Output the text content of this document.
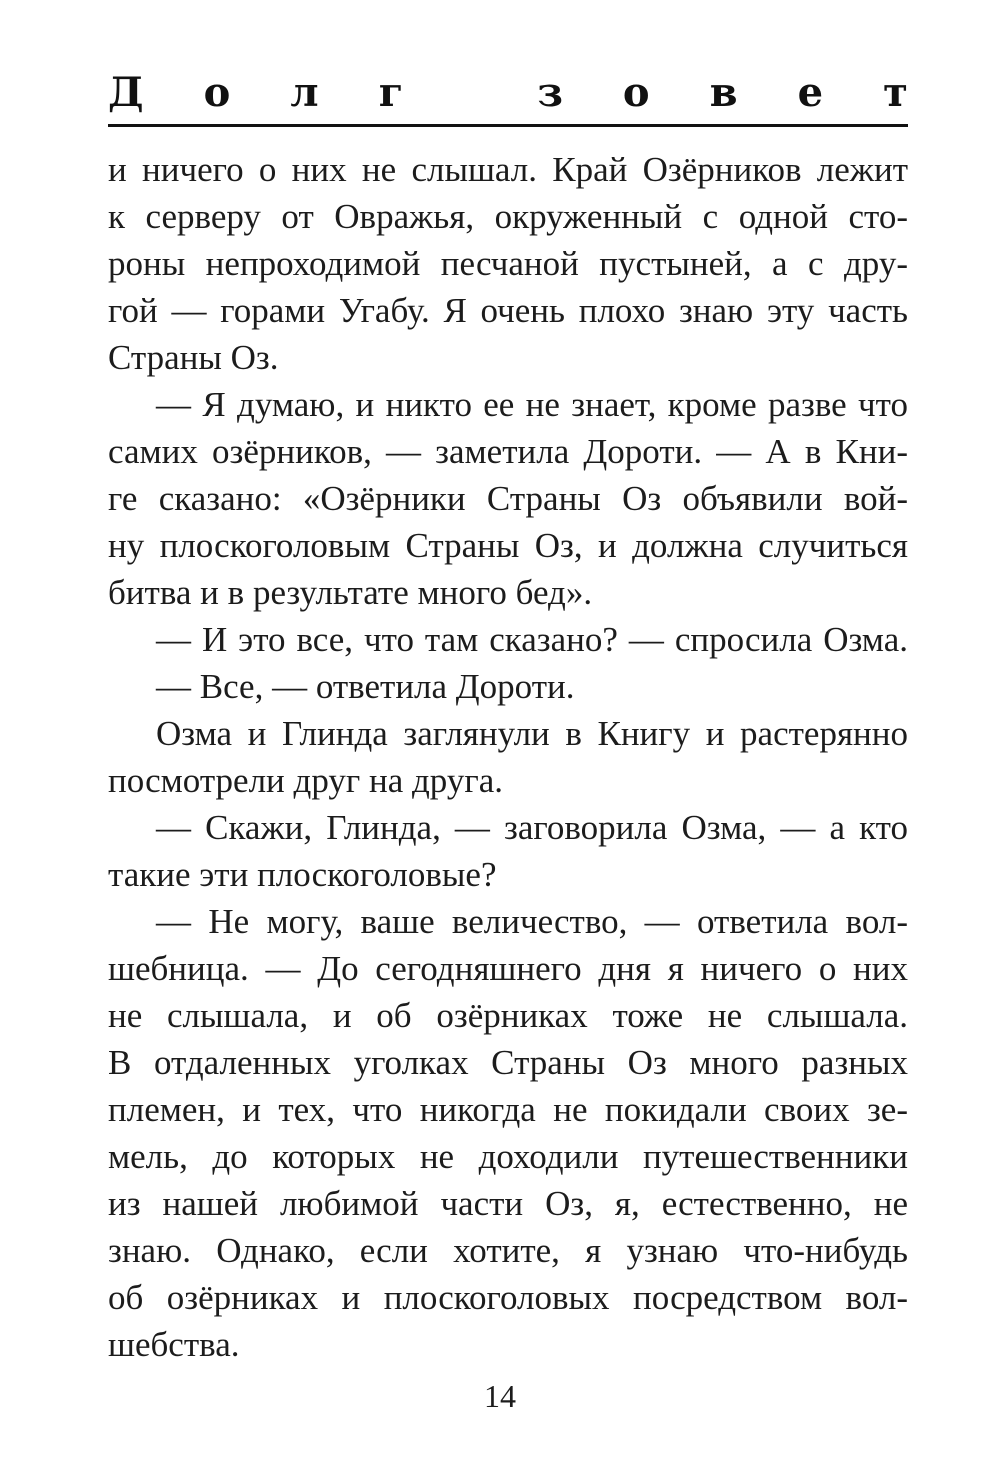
Д о л г
	з о в е т
и ничего о них не слышал. Край Озёрников лежит
к серверу от Овражья, окруженный с одной сто-
роны непроходимой песчаной пустыней, а с дру-
гой — горами Угабу. Я очень плохо знаю эту часть
Страны Оз.
— Я думаю, и никто ее не знает, кроме разве что
самих озёрников, — заметила Дороти. — А в Кни-
ге сказано: «Озёрники Страны Оз объявили вой-
ну плоскоголовым Страны Оз, и должна случиться
битва и в результате много бед».
— И это все, что там сказано? — спросила Озма.
— Все, — ответила Дороти.
Озма и Глинда заглянули в Книгу и растерянно
посмотрели друг на друга.
— Скажи, Глинда, — заговорила Озма, — а кто
такие эти плоскоголовые?
— Не могу, ваше величество, — ответила вол-
шебница. — До сегодняшнего дня я ничего о них
не слышала, и об озёрниках тоже не слышала.
В отдаленных уголках Страны Оз много разных
племен, и тех, что никогда не покидали своих зе-
мель, до которых не доходили путешественники
из нашей любимой части Оз, я, естественно, не
знаю. Однако, если хотите, я узнаю что-нибудь
об озёрниках и плоскоголовых посредством вол-
шебства.
14
